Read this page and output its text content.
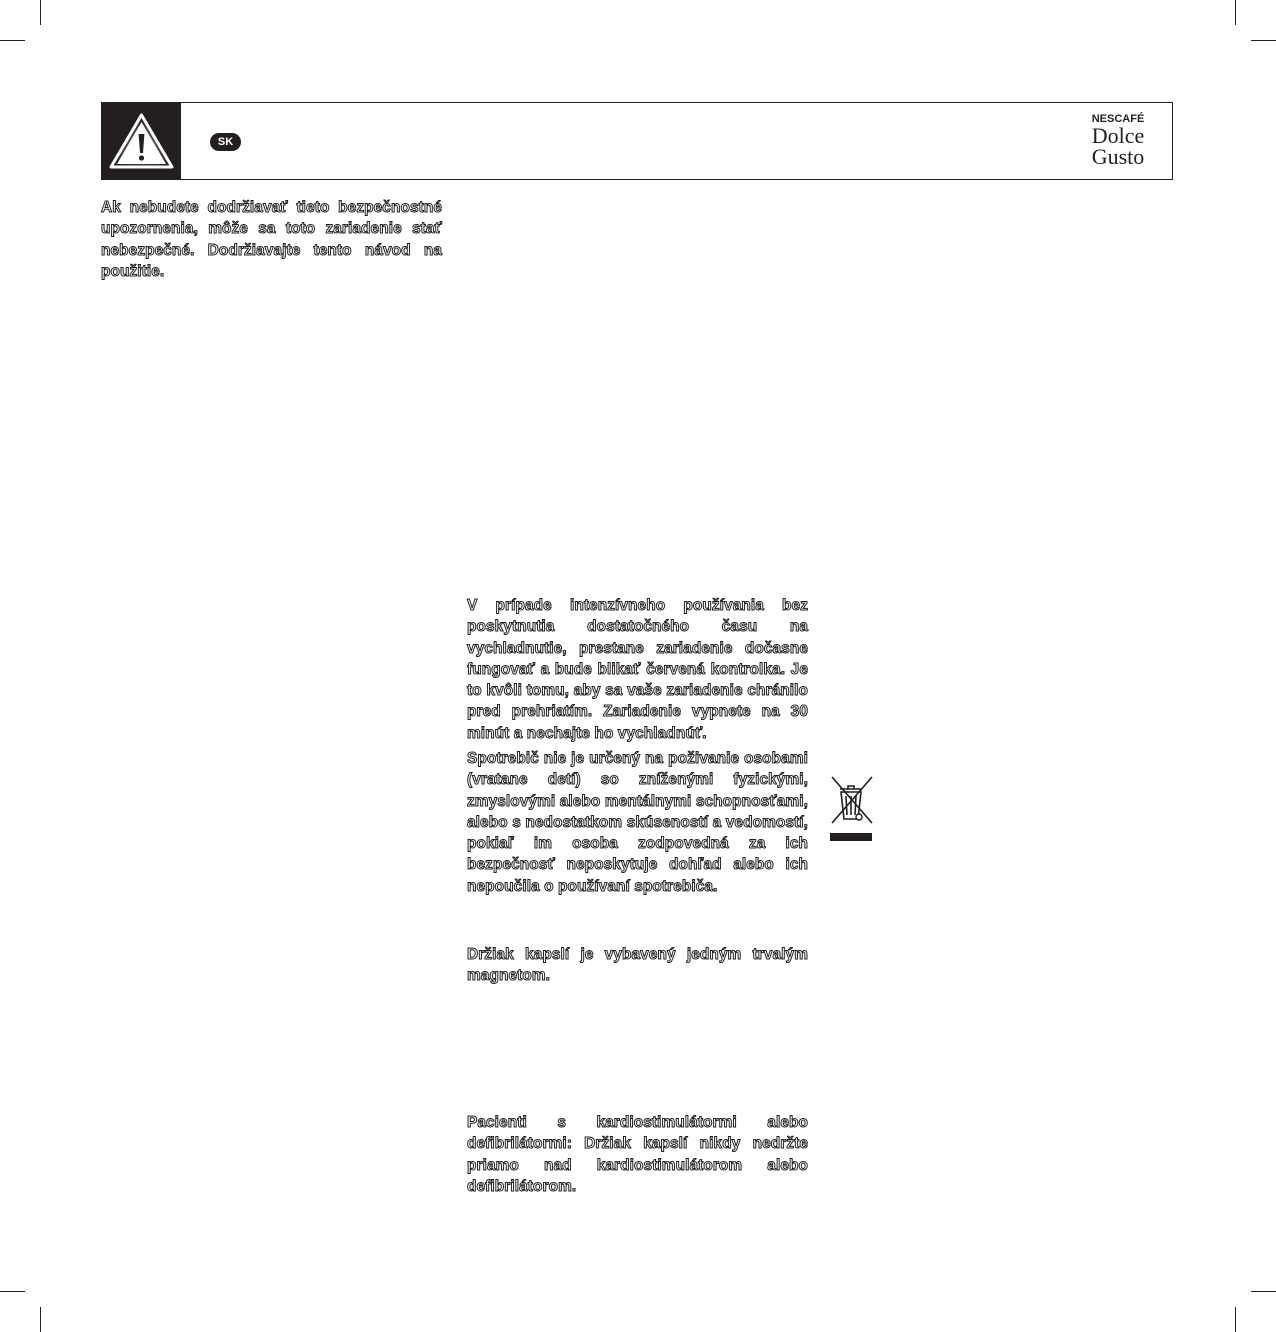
SK
NESCAFÉ
Dolce
Gusto
Ak nebudete dodržiavať tieto bezpečnostné upozornenia, môže sa toto zariadenie stať nebezpečné. Dodržiavajte tento návod na použitie.
V prípade intenzívneho používania bez poskytnutia dostatočného času na vychladnutie, prestane zariadenie dočasne fungovať a bude blikať červená kontrolka. Je to kvôli tomu, aby sa vaše zariadenie chránilo pred prehriatím. Zariadenie vypnete na 30 minút a nechajte ho vychladnúť.
Spotrebič nie je určený na poživanie osobami (vratane detí) so zníženými fyzickými, zmyslovými alebo mentálnymi schopnosťami, alebo s nedostatkom skúseností a vedomostí, pokiaľ im osoba zodpovedná za ich bezpečnosť neposkytuje dohľad alebo ich nepoučila o používaní spotrebiča.
Držiak kapslí je vybavený jedným trvalým magnetom.
Pacienti s kardiostimulátormi alebo defibrilátormi: Držiak kapslí nikdy nedržte priamo nad kardiostimulátorom alebo defibrilátorom.
